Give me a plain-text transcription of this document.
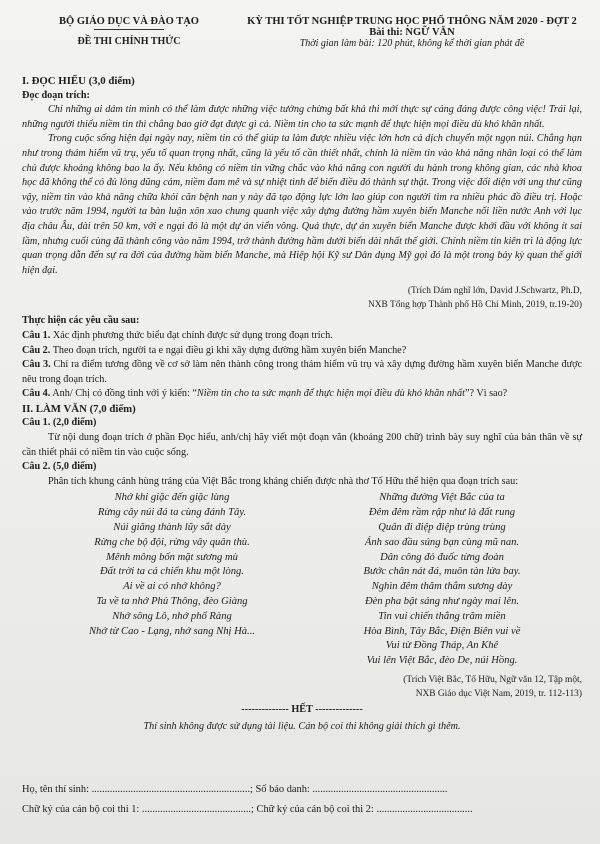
BỘ GIÁO DỤC VÀ ĐÀO TẠO
ĐỀ THI CHÍNH THỨC
KỲ THI TỐT NGHIỆP TRUNG HỌC PHỔ THÔNG NĂM 2020 - ĐỢT 2
Bài thi: NGỮ VĂN
Thời gian làm bài: 120 phút, không kể thời gian phát đề

I. ĐỌC HIỂU (3,0 điểm)

Đọc đoạn trích:

Chỉ những ai dám tin mình có thể làm được những việc tưởng chừng bất khả thi mới thực sự cảng đáng được công việc! Trái lại, những người thiếu niềm tin thì chẳng bao giờ đạt được gì cả. Niềm tin cho ta sức mạnh để thực hiện mọi điều dù khó khăn nhất.

Trong cuộc sống hiện đại ngày nay, niềm tin có thể giúp ta làm được nhiều việc lớn hơn cả dịch chuyển một ngọn núi. Chẳng hạn như trong thám hiểm vũ trụ, yếu tố quan trọng nhất, cũng là yếu tố cần thiết nhất, chính là niềm tin vào khả năng nhân loại có thể làm chủ được khoảng không bao la ấy. Nếu không có niềm tin vững chắc vào khả năng con người du hành trong không gian, các nhà khoa học đã không thể có đủ lòng dũng cảm, niềm đam mê và sự nhiệt tình để biến điều đó thành sự thật. Trong việc đối diện với ung thư cũng vậy, niềm tin vào khả năng chữa khỏi căn bệnh nan y này đã tạo động lực lớn lao giúp con người tìm ra nhiều phác đồ điều trị. Hoặc vào trước năm 1994, người ta bàn luận xôn xao chung quanh việc xây dựng đường hầm xuyên biển Manche nối liền nước Anh với lục địa châu Âu, dài trên 50 km, với e ngại đó là một dự án viển vông. Quả thực, dự án xuyên biển Manche được khởi đầu với không ít sai lầm, nhưng cuối cùng đã thành công vào năm 1994, trở thành đường hầm dưới biển dài nhất thế giới. Chính niềm tin kiên trì là động lực quan trọng dẫn đến sự ra đời của đường hầm biển Manche, mà Hiệp hội Kỹ sư Dân dụng Mỹ gọi đó là một trong bảy kỳ quan thế giới hiện đại.

(Trích Dám nghĩ lớn, David J.Schwartz, Ph.D,

NXB Tổng hợp Thành phố Hồ Chí Minh, 2019, tr.19-20)

Thực hiện các yêu cầu sau:

Câu 1. Xác định phương thức biểu đạt chính được sử dụng trong đoạn trích.

Câu 2. Theo đoạn trích, người ta e ngại điều gì khi xây dựng đường hầm xuyên biển Manche?

Câu 3. Chỉ ra điểm tương đồng về cơ sở làm nên thành công trong thám hiểm vũ trụ và xây dựng đường hầm xuyên biển Manche được nêu trong đoạn trích.

Câu 4. Anh/ Chị có đồng tình với ý kiến: “Niềm tin cho ta sức mạnh để thực hiện mọi điều dù khó khăn nhất”? Vì sao?

II. LÀM VĂN (7,0 điểm)

Câu 1. (2,0 điểm)

Từ nội dung đoạn trích ở phần Đọc hiểu, anh/chị hãy viết một đoạn văn (khoảng 200 chữ) trình bày suy nghĩ của bản thân về sự cần thiết phải có niềm tin vào cuộc sống.

Câu 2. (5,0 điểm)

Phân tích khung cảnh hùng tráng của Việt Bắc trong kháng chiến được nhà thơ Tố Hữu thể hiện qua đoạn trích sau:

Nhớ khi giặc đến giặc lùng
Rừng cây núi đá ta cùng đánh Tây.
Núi giăng thành lũy sắt dày
Rừng che bộ đội, rừng vây quân thù.
Mênh mông bốn mặt sương mù
Đất trời ta cả chiến khu một lòng.
Ai về ai có nhớ không?
Ta về ta nhớ Phủ Thông, đèo Giàng
Nhớ sông Lô, nhớ phố Ràng
Nhớ từ Cao - Lạng, nhớ sang Nhị Hà...
Những đường Việt Bắc của ta
Đêm đêm rầm rập như là đất rung
Quân đi điệp điệp trùng trùng
Ánh sao đầu súng bạn cùng mũ nan.
Dân công đỏ đuốc từng đoàn
Bước chân nát đá, muôn tàn lửa bay.
Nghìn đêm thăm thẳm sương dày
Đèn pha bật sáng như ngày mai lên.
Tin vui chiến thắng trăm miền
Hòa Bình, Tây Bắc, Điện Biên vui về
Vui từ Đồng Tháp, An Khê
Vui lên Việt Bắc, đèo De, núi Hồng.

(Trích Việt Bắc, Tố Hữu, Ngữ văn 12, Tập một,

NXB Giáo dục Việt Nam, 2019, tr. 112-113)

-------------- HẾT --------------

Thí sinh không được sử dụng tài liệu. Cán bộ coi thi không giải thích gì thêm.

Họ, tên thí sinh: .............................................................; Số báo danh: ....................................................
Chữ ký của cán bộ coi thi 1: ..........................................; Chữ ký của cán bộ coi thi 2: .....................................
